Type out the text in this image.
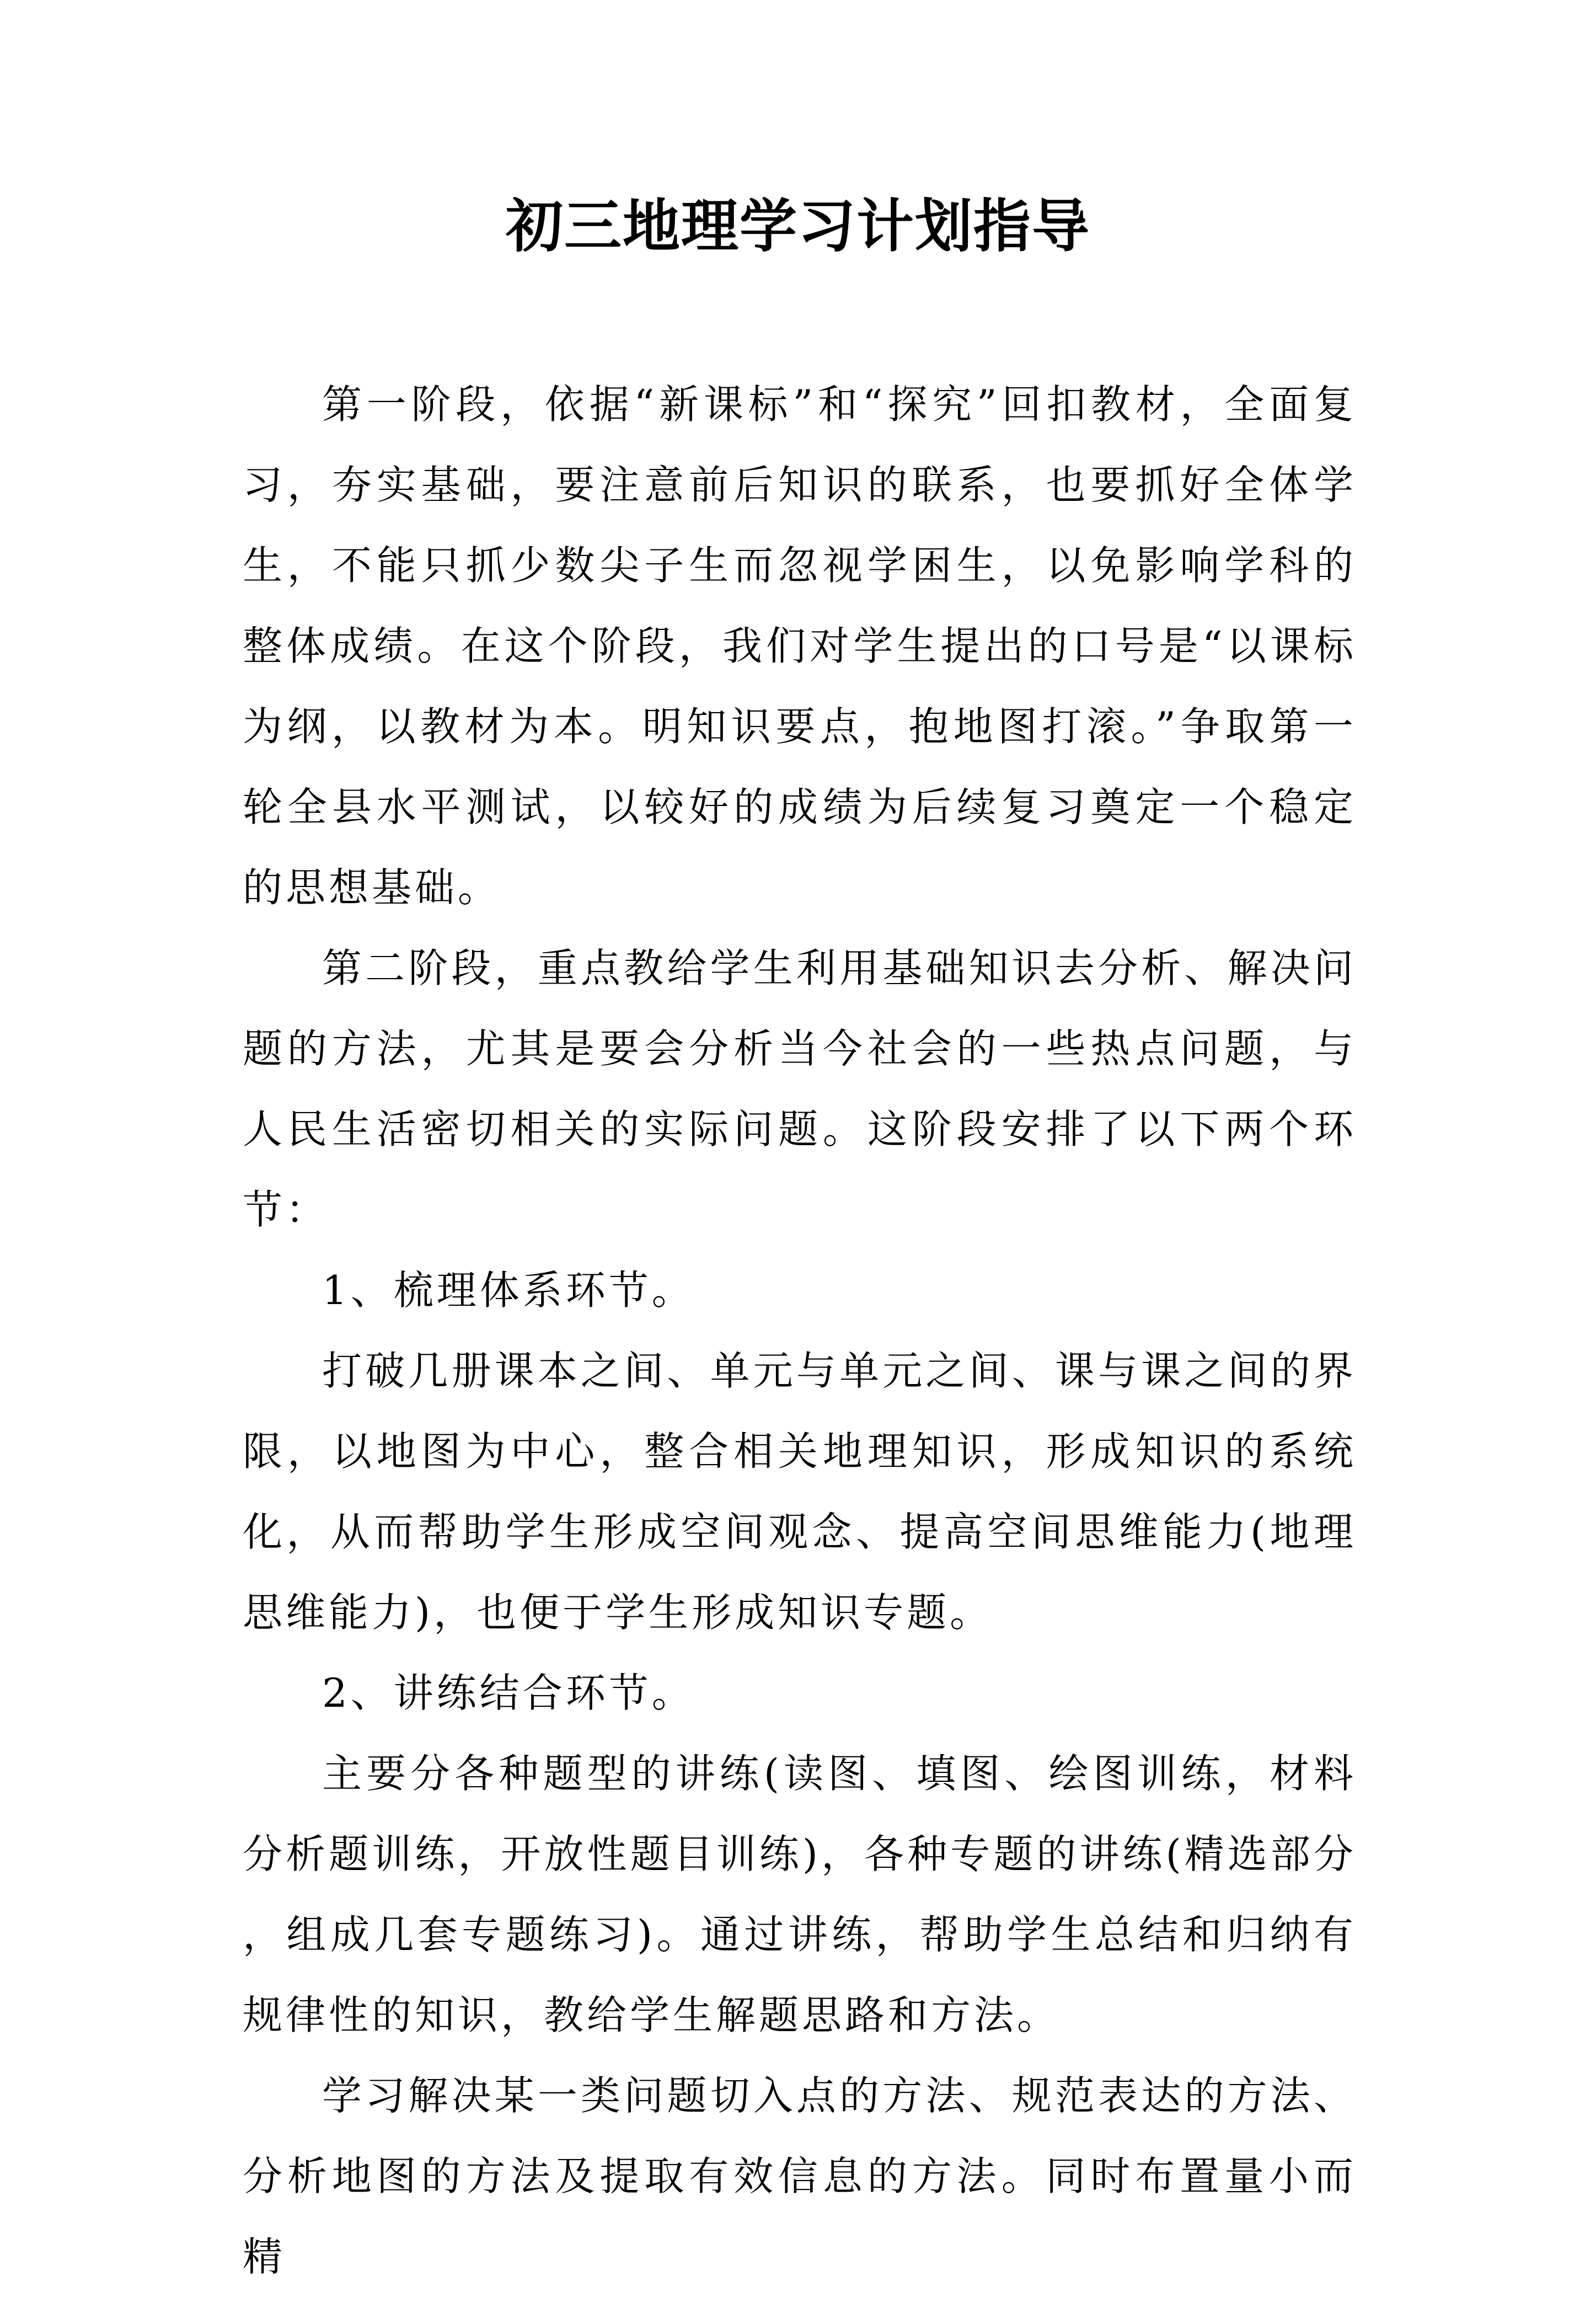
初三地理学习计划指导

第一阶段，依据“新课标”和“探究”回扣教材，全面复习，夯实基础，要注意前后知识的联系，也要抓好全体学生，不能只抓少数尖子生而忽视学困生，以免影响学科的整体成绩。在这个阶段，我们对学生提出的口号是“以课标为纲，以教材为本。明知识要点，抱地图打滚。”争取第一轮全县水平测试，以较好的成绩为后续复习奠定一个稳定的思想基础。

第二阶段，重点教给学生利用基础知识去分析、解决问题的方法，尤其是要会分析当今社会的一些热点问题，与人民生活密切相关的实际问题。这阶段安排了以下两个环节：

1、梳理体系环节。

打破几册课本之间、单元与单元之间、课与课之间的界限，以地图为中心，整合相关地理知识，形成知识的系统化，从而帮助学生形成空间观念、提高空间思维能力(地理思维能力)，也便于学生形成知识专题。

2、讲练结合环节。

主要分各种题型的讲练(读图、填图、绘图训练，材料分析题训练，开放性题目训练)，各种专题的讲练(精选部分 ，组成几套专题练习)。通过讲练，帮助学生总结和归纳有规律性的知识，教给学生解题思路和方法。

学习解决某一类问题切入点的方法、规范表达的方法、分析地图的方法及提取有效信息的方法。同时布置量小而精
